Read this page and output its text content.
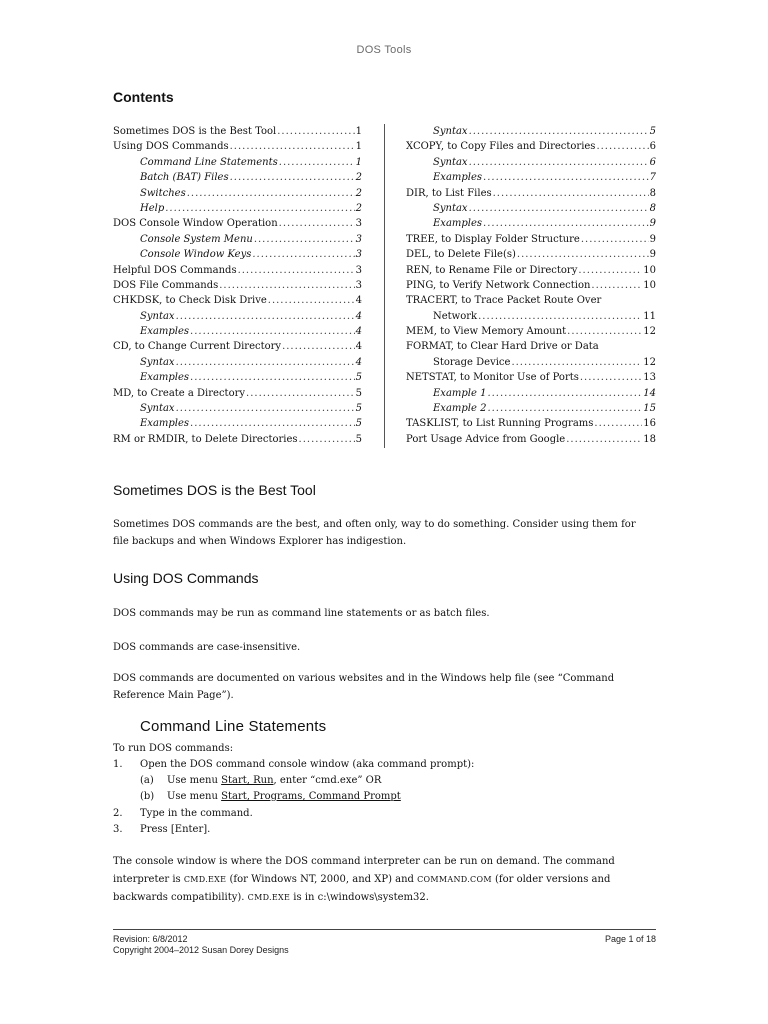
DOS Tools
Contents
Sometimes DOS is the Best Tool .....	1
Using DOS Commands .....	1
Command Line Statements .....	1
Batch (BAT) Files .....	2
Switches .....	2
Help .....	2
DOS Console Window Operation .....	3
Console System Menu .....	3
Console Window Keys .....	3
Helpful DOS Commands .....	3
DOS File Commands .....	3
CHKDSK, to Check Disk Drive .....	4
Syntax .....	4
Examples .....	4
CD, to Change Current Directory .....	4
Syntax .....	4
Examples .....	5
MD, to Create a Directory .....	5
Syntax .....	5
Examples .....	5
RM or RMDIR, to Delete Directories .....	5
Syntax .....	5
XCOPY, to Copy Files and Directories .....	6
Syntax .....	6
Examples .....	7
DIR, to List Files .....	8
Syntax .....	8
Examples .....	9
TREE, to Display Folder Structure .....	9
DEL, to Delete File(s) .....	9
REN, to Rename File or Directory .....	10
PING, to Verify Network Connection .....	10
TRACERT, to Trace Packet Route Over
Network .....	11
MEM, to View Memory Amount .....	12
FORMAT, to Clear Hard Drive or Data
Storage Device .....	12
NETSTAT, to Monitor Use of Ports .....	13
Example 1 .....	14
Example 2 .....	15
TASKLIST, to List Running Programs .....	16
Port Usage Advice from Google .....	18
Sometimes DOS is the Best Tool

Sometimes DOS commands are the best, and often only, way to do something. Consider using them for file backups and when Windows Explorer has indigestion.

Using DOS Commands

DOS commands may be run as command line statements or as batch files.

DOS commands are case-insensitive.

DOS commands are documented on various websites and in the Windows help file (see “Command Reference Main Page”).

Command Line Statements
To run DOS commands:
1. Open the DOS command console window (aka command prompt):
(a) Use menu Start, Run, enter “cmd.exe” OR
(b) Use menu Start, Programs, Command Prompt
2. Type in the command.
3. Press [Enter].

The console window is where the DOS command interpreter can be run on demand. The command interpreter is CMD.EXE (for Windows NT, 2000, and XP) and COMMAND.COM (for older versions and backwards compatibility). CMD.EXE is in c:\windows\system32.

Revision: 6/8/2012	Page 1 of 18
Copyright 2004–2012 Susan Dorey Designs
